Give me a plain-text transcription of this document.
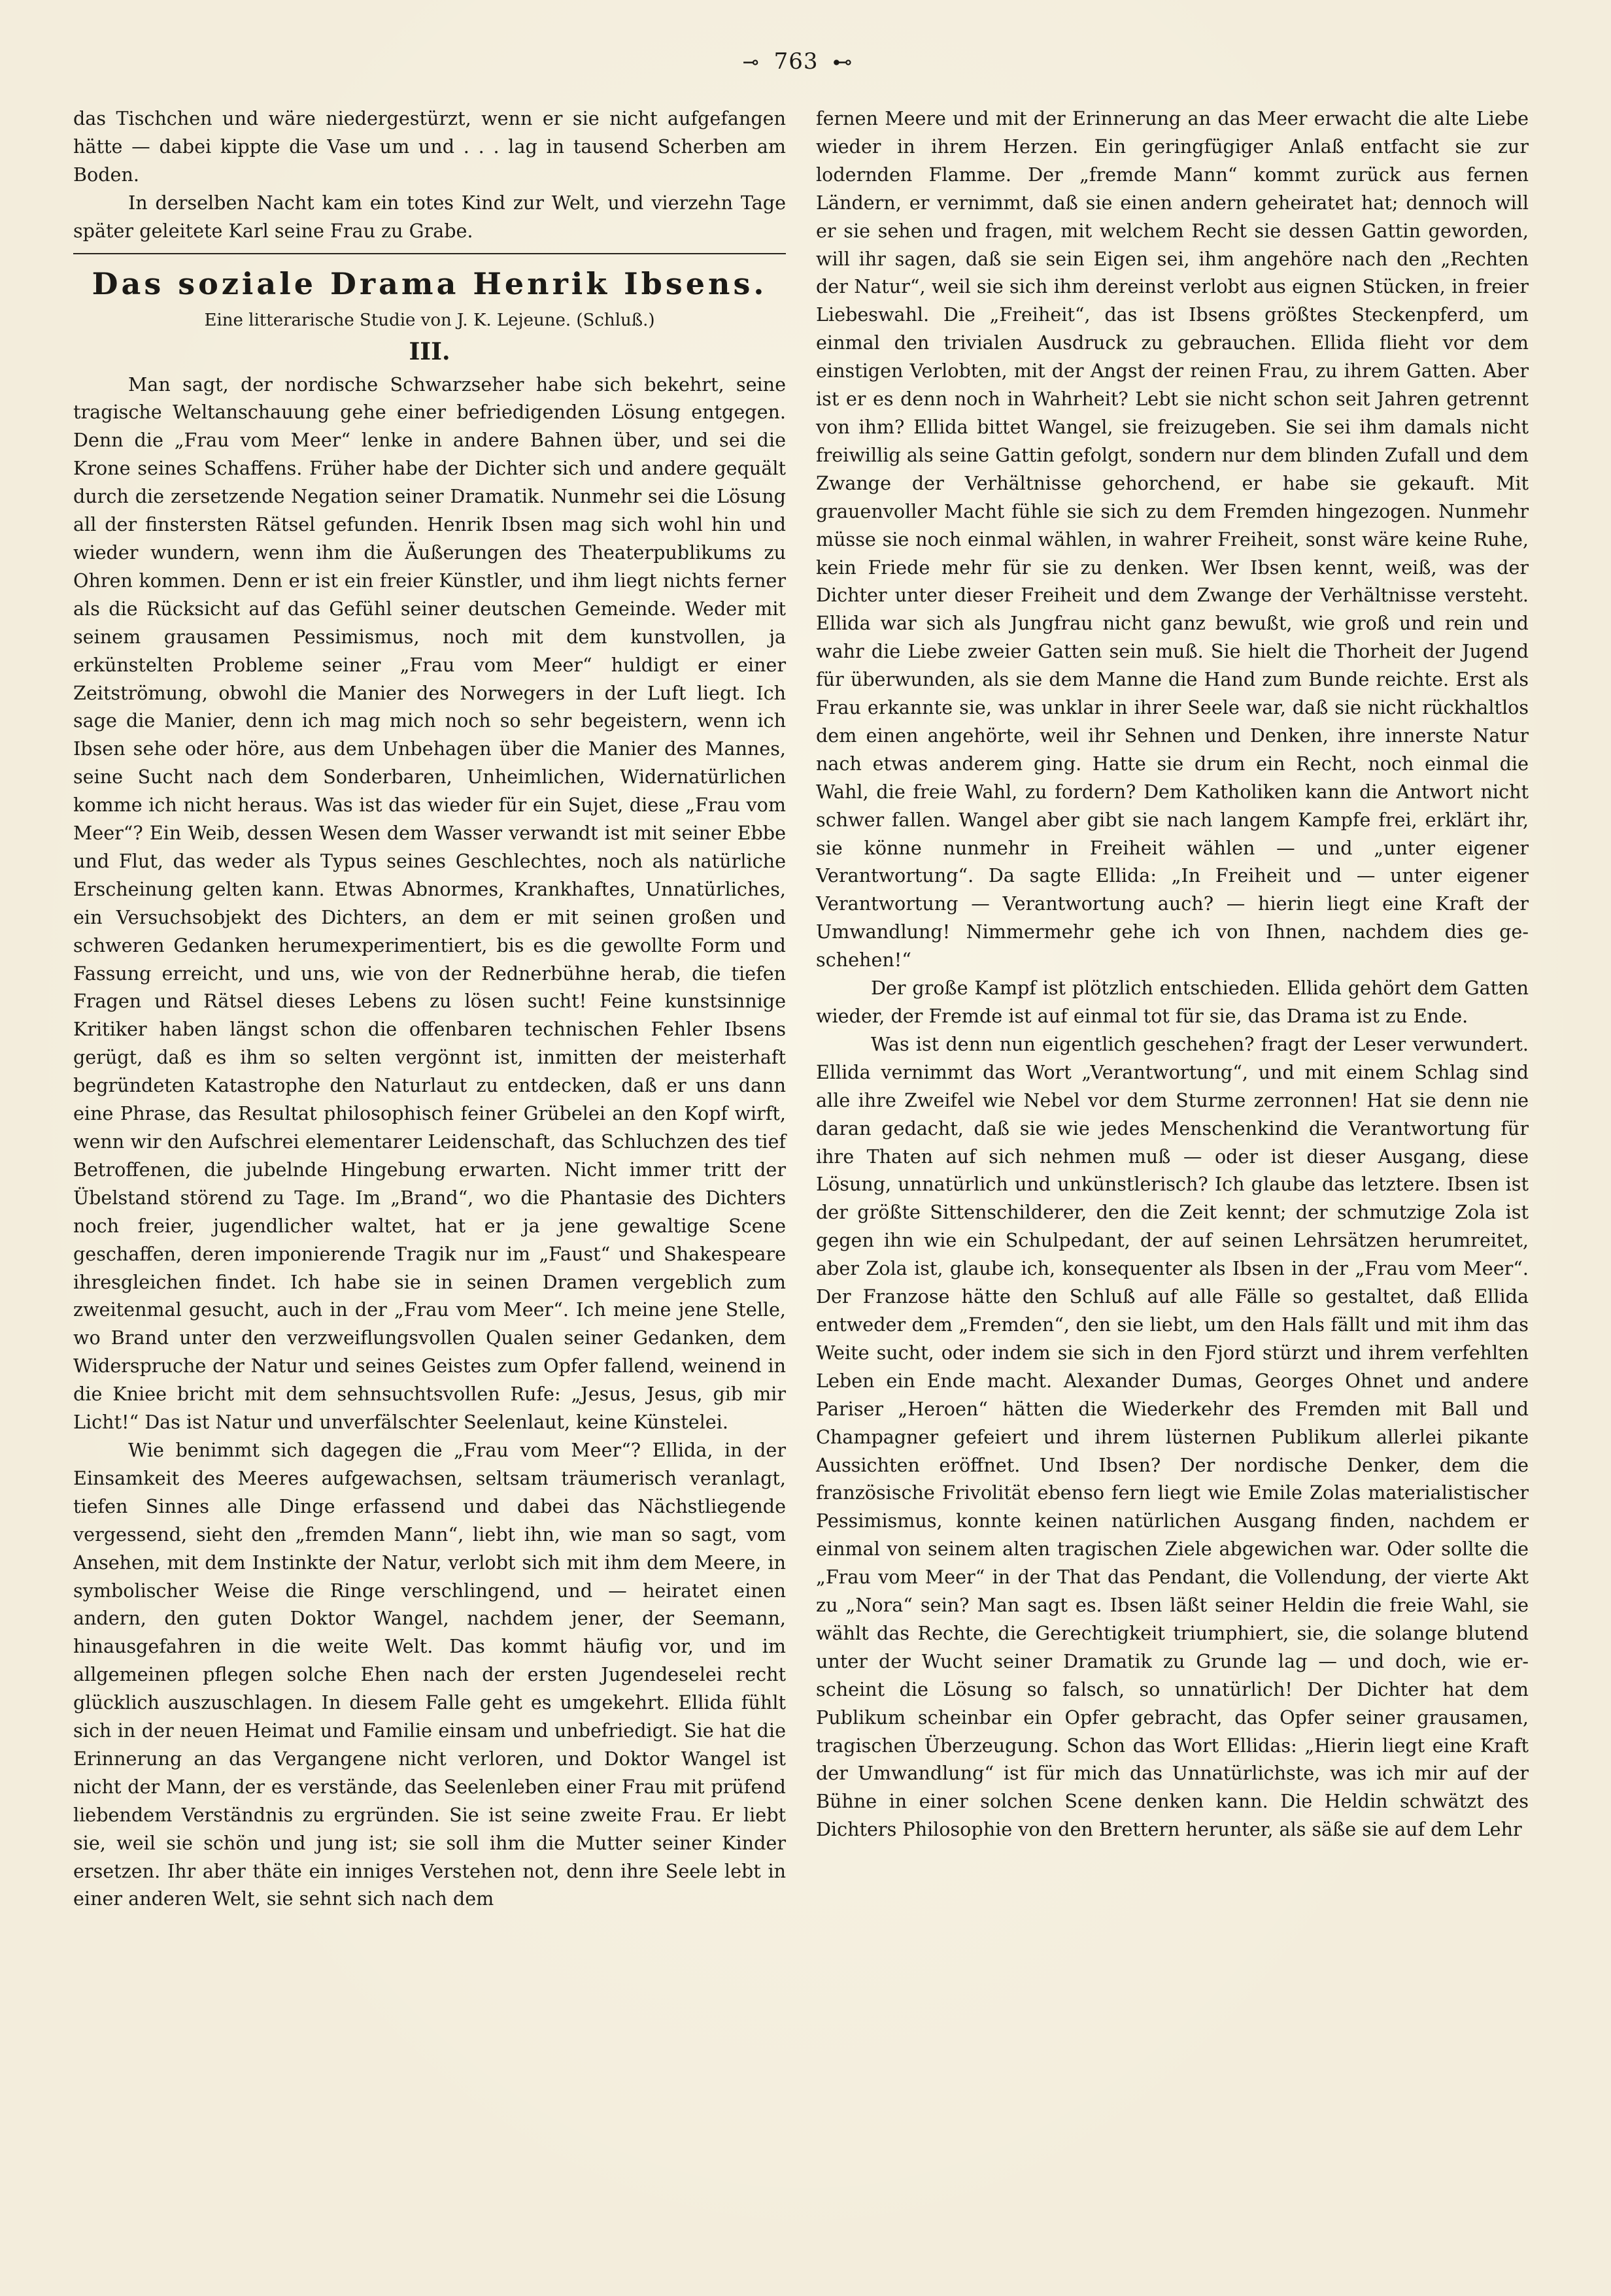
⊸ 763 ⊷

das Tischchen und wäre niedergestürzt, wenn er sie nicht aufgefangen hätte — dabei kippte die Vase um und . . . lag in tausend Scherben am Boden.

In derselben Nacht kam ein totes Kind zur Welt, und vierzehn Tage später geleitete Karl seine Frau zu Grabe.

Das soziale Drama Henrik Ibsens.
Eine litterarische Studie von J. K. Lejeune. (Schluß.)
III.

Man sagt, der nordische Schwarzseher habe sich bekehrt, seine tragische Weltanschauung gehe einer befriedigenden Lösung entgegen. Denn die „Frau vom Meer“ lenke in andere Bahnen über, und sei die Krone seines Schaffens. Früher habe der Dichter sich und andere gequält durch die zersetzende Negation seiner Dramatik. Nunmehr sei die Lösung all der finstersten Rätsel gefunden. Henrik Ibsen mag sich wohl hin und wieder wundern, wenn ihm die Äußerungen des Theaterpublikums zu Ohren kommen. Denn er ist ein freier Künstler, und ihm liegt nichts ferner als die Rücksicht auf das Gefühl seiner deutschen Gemeinde. Weder mit seinem grausamen Pessimismus, noch mit dem kunstvollen, ja erkünstelten Probleme seiner „Frau vom Meer“ huldigt er einer Zeitströmung, obwohl die Manier des Norwegers in der Luft liegt. Ich sage die Manier, denn ich mag mich noch so sehr begeistern, wenn ich Ibsen sehe oder höre, aus dem Unbehagen über die Manier des Mannes, seine Sucht nach dem Sonderbaren, Unheimlichen, Widernatürlichen komme ich nicht heraus. Was ist das wieder für ein Sujet, diese „Frau vom Meer“? Ein Weib, dessen Wesen dem Wasser verwandt ist mit seiner Ebbe und Flut, das weder als Typus seines Geschlechtes, noch als natürliche Erscheinung gelten kann. Etwas Abnormes, Krankhaftes, Unnatürliches, ein Versuchsobjekt des Dichters, an dem er mit seinen großen und schweren Gedanken herumexperimentiert, bis es die gewollte Form und Fassung erreicht, und uns, wie von der Rednerbühne herab, die tiefen Fragen und Rätsel dieses Lebens zu lösen sucht! Feine kunstsinnige Kritiker haben längst schon die offenbaren technischen Fehler Ibsens gerügt, daß es ihm so selten vergönnt ist, inmitten der meisterhaft begründeten Katastrophe den Naturlaut zu entdecken, daß er uns dann eine Phrase, das Resultat philosophisch feiner Grübelei an den Kopf wirft, wenn wir den Aufschrei elementarer Leidenschaft, das Schluchzen des tief Betroffenen, die jubelnde Hingebung erwarten. Nicht immer tritt der Übelstand störend zu Tage. Im „Brand“, wo die Phantasie des Dichters noch freier, jugendlicher waltet, hat er ja jene gewaltige Scene geschaffen, deren imponierende Tragik nur im „Faust“ und Shakespeare ihresgleichen findet. Ich habe sie in seinen Dramen vergeblich zum zweitenmal gesucht, auch in der „Frau vom Meer“. Ich meine jene Stelle, wo Brand unter den verzweiflungsvollen Qualen seiner Gedanken, dem Widerspruche der Natur und seines Geistes zum Opfer fallend, weinend in die Kniee bricht mit dem sehnsuchtsvollen Rufe: „Jesus, Jesus, gib mir Licht!“ Das ist Natur und unverfälschter Seelenlaut, keine Künstelei.

Wie benimmt sich dagegen die „Frau vom Meer“? Ellida, in der Einsamkeit des Meeres aufgewachsen, seltsam träumerisch veranlagt, tiefen Sinnes alle Dinge erfassend und dabei das Nächstliegende vergessend, sieht den „fremden Mann“, liebt ihn, wie man so sagt, vom Ansehen, mit dem Instinkte der Natur, verlobt sich mit ihm dem Meere, in symbolischer Weise die Ringe verschlingend, und — heiratet einen andern, den guten Doktor Wangel, nachdem jener, der Seemann, hinausgefahren in die weite Welt. Das kommt häufig vor, und im allgemeinen pflegen solche Ehen nach der ersten Jugendeselei recht glücklich auszuschlagen. In diesem Falle geht es umgekehrt. Ellida fühlt sich in der neuen Heimat und Familie einsam und unbefriedigt. Sie hat die Erinnerung an das Vergangene nicht verloren, und Doktor Wangel ist nicht der Mann, der es verstände, das Seelenleben einer Frau mit prüfend liebendem Verständnis zu ergründen. Sie ist seine zweite Frau. Er liebt sie, weil sie schön und jung ist; sie soll ihm die Mutter seiner Kinder ersetzen. Ihr aber thäte ein inniges Verstehen not, denn ihre Seele lebt in einer anderen Welt, sie sehnt sich nach dem

fernen Meere und mit der Erinnerung an das Meer erwacht die alte Liebe wieder in ihrem Herzen. Ein geringfügiger Anlaß entfacht sie zur lodernden Flamme. Der „fremde Mann“ kommt zurück aus fernen Ländern, er vernimmt, daß sie einen andern geheiratet hat; dennoch will er sie sehen und fragen, mit welchem Recht sie dessen Gattin geworden, will ihr sagen, daß sie sein Eigen sei, ihm angehöre nach den „Rechten der Natur“, weil sie sich ihm dereinst verlobt aus eignen Stücken, in freier Liebeswahl. Die „Freiheit“, das ist Ibsens größtes Steckenpferd, um einmal den trivialen Ausdruck zu gebrauchen. Ellida flieht vor dem einstigen Verlobten, mit der Angst der reinen Frau, zu ihrem Gatten. Aber ist er es denn noch in Wahrheit? Lebt sie nicht schon seit Jahren getrennt von ihm? Ellida bittet Wangel, sie freizugeben. Sie sei ihm damals nicht freiwillig als seine Gattin gefolgt, sondern nur dem blinden Zufall und dem Zwange der Verhältnisse gehorchend, er habe sie gekauft. Mit grauenvoller Macht fühle sie sich zu dem Fremden hingezogen. Nunmehr müsse sie noch einmal wählen, in wahrer Freiheit, sonst wäre keine Ruhe, kein Friede mehr für sie zu denken. Wer Ibsen kennt, weiß, was der Dichter unter dieser Freiheit und dem Zwange der Verhältnisse versteht. Ellida war sich als Jungfrau nicht ganz bewußt, wie groß und rein und wahr die Liebe zweier Gatten sein muß. Sie hielt die Thorheit der Jugend für überwunden, als sie dem Manne die Hand zum Bunde reichte. Erst als Frau erkannte sie, was unklar in ihrer Seele war, daß sie nicht rückhaltlos dem einen angehörte, weil ihr Sehnen und Denken, ihre innerste Natur nach etwas anderem ging. Hatte sie drum ein Recht, noch einmal die Wahl, die freie Wahl, zu fordern? Dem Katholiken kann die Antwort nicht schwer fallen. Wangel aber gibt sie nach langem Kampfe frei, erklärt ihr, sie könne nunmehr in Freiheit wählen — und „unter eigener Verantwortung“. Da sagte Ellida: „In Freiheit und — unter eigener Verantwortung — Verantwortung auch? — hierin liegt eine Kraft der Umwandlung! Nimmermehr gehe ich von Ihnen, nachdem dies geschehen!“

Der große Kampf ist plötzlich entschieden. Ellida gehört dem Gatten wieder, der Fremde ist auf einmal tot für sie, das Drama ist zu Ende.

Was ist denn nun eigentlich geschehen? fragt der Leser verwundert. Ellida vernimmt das Wort „Verantwortung“, und mit einem Schlag sind alle ihre Zweifel wie Nebel vor dem Sturme zerronnen! Hat sie denn nie daran gedacht, daß sie wie jedes Menschenkind die Verantwortung für ihre Thaten auf sich nehmen muß — oder ist dieser Ausgang, diese Lösung, unnatürlich und unkünstlerisch? Ich glaube das letztere. Ibsen ist der größte Sittenschilderer, den die Zeit kennt; der schmutzige Zola ist gegen ihn wie ein Schulpedant, der auf seinen Lehrsätzen herumreitet, aber Zola ist, glaube ich, konsequenter als Ibsen in der „Frau vom Meer“. Der Franzose hätte den Schluß auf alle Fälle so gestaltet, daß Ellida entweder dem „Fremden“, den sie liebt, um den Hals fällt und mit ihm das Weite sucht, oder indem sie sich in den Fjord stürzt und ihrem verfehlten Leben ein Ende macht. Alexander Dumas, Georges Ohnet und andere Pariser „Heroen“ hätten die Wiederkehr des Fremden mit Ball und Champagner gefeiert und ihrem lüsternen Publikum allerlei pikante Aussichten eröffnet. Und Ibsen? Der nordische Denker, dem die französische Frivolität ebenso fern liegt wie Emile Zolas materialistischer Pessimismus, konnte keinen natürlichen Ausgang finden, nachdem er einmal von seinem alten tragischen Ziele abgewichen war. Oder sollte die „Frau vom Meer“ in der That das Pendant, die Vollendung, der vierte Akt zu „Nora“ sein? Man sagt es. Ibsen läßt seiner Heldin die freie Wahl, sie wählt das Rechte, die Gerechtigkeit triumphiert, sie, die solange blutend unter der Wucht seiner Dramatik zu Grunde lag — und doch, wie erscheint die Lösung so falsch, so unnatürlich! Der Dichter hat dem Publikum scheinbar ein Opfer gebracht, das Opfer seiner grausamen, tragischen Überzeugung. Schon das Wort Ellidas: „Hierin liegt eine Kraft der Umwandlung“ ist für mich das Unnatürlichste, was ich mir auf der Bühne in einer solchen Scene denken kann. Die Heldin schwätzt des Dichters Philosophie von den Brettern herunter, als säße sie auf dem Lehr
